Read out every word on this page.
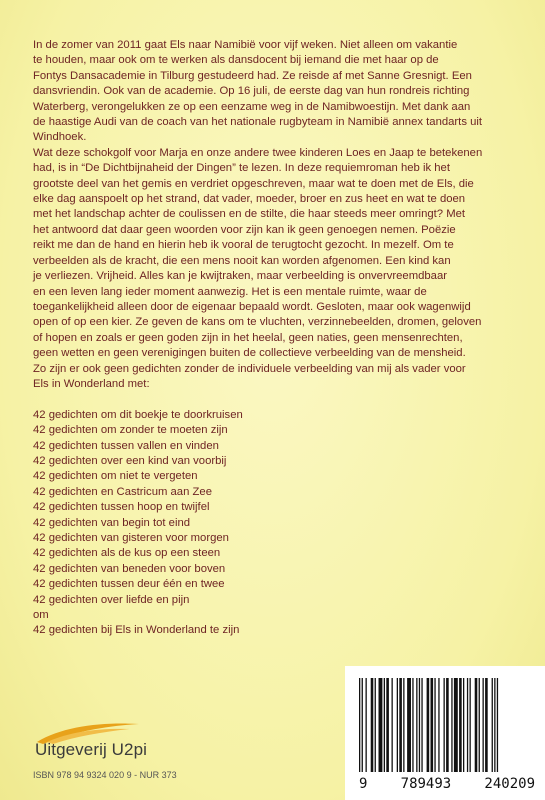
In de zomer van 2011 gaat Els naar Namibië voor vijf weken. Niet alleen om vakantie
te houden, maar ook om te werken als dansdocent bij iemand die met haar op de
Fontys Dansacademie in Tilburg gestudeerd had. Ze reisde af met Sanne Gresnigt. Een
dansvriendin. Ook van de academie. Op 16 juli, de eerste dag van hun rondreis richting
Waterberg, verongelukken ze op een eenzame weg in de Namibwoestijn. Met dank aan
de haastige Audi van de coach van het nationale rugbyteam in Namibië annex tandarts uit
Windhoek.
Wat deze schokgolf voor Marja en onze andere twee kinderen Loes en Jaap te betekenen
had, is in “De Dichtbijnaheid der Dingen” te lezen. In deze requiemroman heb ik het
grootste deel van het gemis en verdriet opgeschreven, maar wat te doen met de Els, die
elke dag aanspoelt op het strand, dat vader, moeder, broer en zus heet en wat te doen
met het landschap achter de coulissen en de stilte, die haar steeds meer omringt? Met
het antwoord dat daar geen woorden voor zijn kan ik geen genoegen nemen. Poëzie
reikt me dan de hand en hierin heb ik vooral de terugtocht gezocht. In mezelf. Om te
verbeelden als de kracht, die een mens nooit kan worden afgenomen. Een kind kan
je verliezen. Vrijheid. Alles kan je kwijtraken, maar verbeelding is onvervreemdbaar
en een leven lang ieder moment aanwezig. Het is een mentale ruimte, waar de
toegankelijkheid alleen door de eigenaar bepaald wordt. Gesloten, maar ook wagenwijd
open of op een kier. Ze geven de kans om te vluchten, verzinnebeelden, dromen, geloven
of hopen en zoals er geen goden zijn in het heelal, geen naties, geen mensenrechten,
geen wetten en geen verenigingen buiten de collectieve verbeelding van de mensheid.
Zo zijn er ook geen gedichten zonder de individuele verbeelding van mij als vader voor
Els in Wonderland met:
42 gedichten om dit boekje te doorkruisen
42 gedichten om zonder te moeten zijn
42 gedichten tussen vallen en vinden
42 gedichten over een kind van voorbij
42 gedichten om niet te vergeten
42 gedichten en Castricum aan Zee
42 gedichten tussen hoop en twijfel
42 gedichten van begin tot eind
42 gedichten van gisteren voor morgen
42 gedichten als de kus op een steen
42 gedichten van beneden voor boven
42 gedichten tussen deur één en twee
42 gedichten over liefde en pijn
om
42 gedichten bij Els in Wonderland te zijn
Uitgeverij U2pi
ISBN 978 94 9324 020 9 - NUR 373
9 789493 240209
